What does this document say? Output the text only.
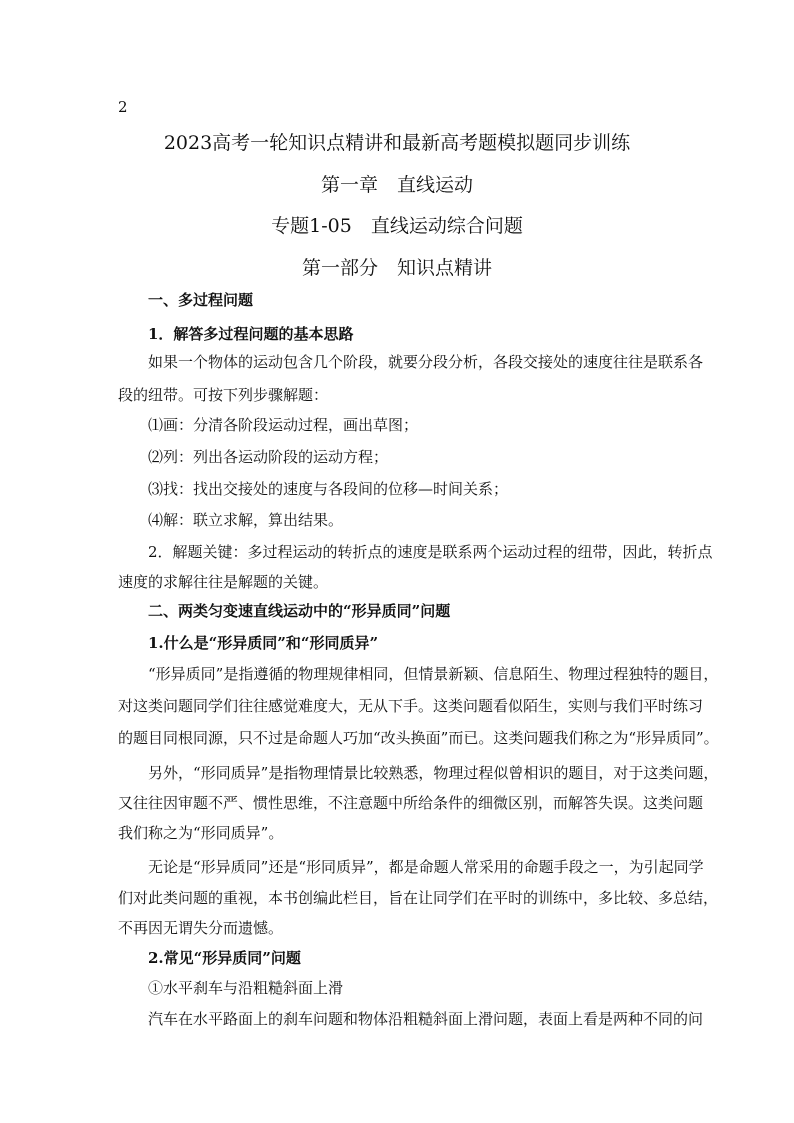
2
2023高考一轮知识点精讲和最新高考题模拟题同步训练
第一章　直线运动
专题1-05　直线运动综合问题
第一部分　知识点精讲
一、多过程问题
1．解答多过程问题的基本思路
如果一个物体的运动包含几个阶段，就要分段分析，各段交接处的速度往往是联系各
段的纽带。可按下列步骤解题：
⑴画：分清各阶段运动过程，画出草图；
⑵列：列出各运动阶段的运动方程；
⑶找：找出交接处的速度与各段间的位移—时间关系；
⑷解：联立求解，算出结果。
2．解题关键：多过程运动的转折点的速度是联系两个运动过程的纽带，因此，转折点
速度的求解往往是解题的关键。
二、两类匀变速直线运动中的“形异质同”问题
1.什么是“形异质同”和“形同质异”
“形异质同”是指遵循的物理规律相同，但情景新颖、信息陌生、物理过程独特的题目，
对这类问题同学们往往感觉难度大，无从下手。这类问题看似陌生，实则与我们平时练习
的题目同根同源，只不过是命题人巧加“改头换面”而已。这类问题我们称之为“形异质同”。
另外，“形同质异”是指物理情景比较熟悉，物理过程似曾相识的题目，对于这类问题，
又往往因审题不严、惯性思维，不注意题中所给条件的细微区别，而解答失误。这类问题
我们称之为“形同质异”。
无论是“形异质同”还是“形同质异”，都是命题人常采用的命题手段之一，为引起同学
们对此类问题的重视，本书创编此栏目，旨在让同学们在平时的训练中，多比较、多总结，
不再因无谓失分而遗憾。
2.常见“形异质同”问题
①水平刹车与沿粗糙斜面上滑
汽车在水平路面上的刹车问题和物体沿粗糙斜面上滑问题，表面上看是两种不同的问
